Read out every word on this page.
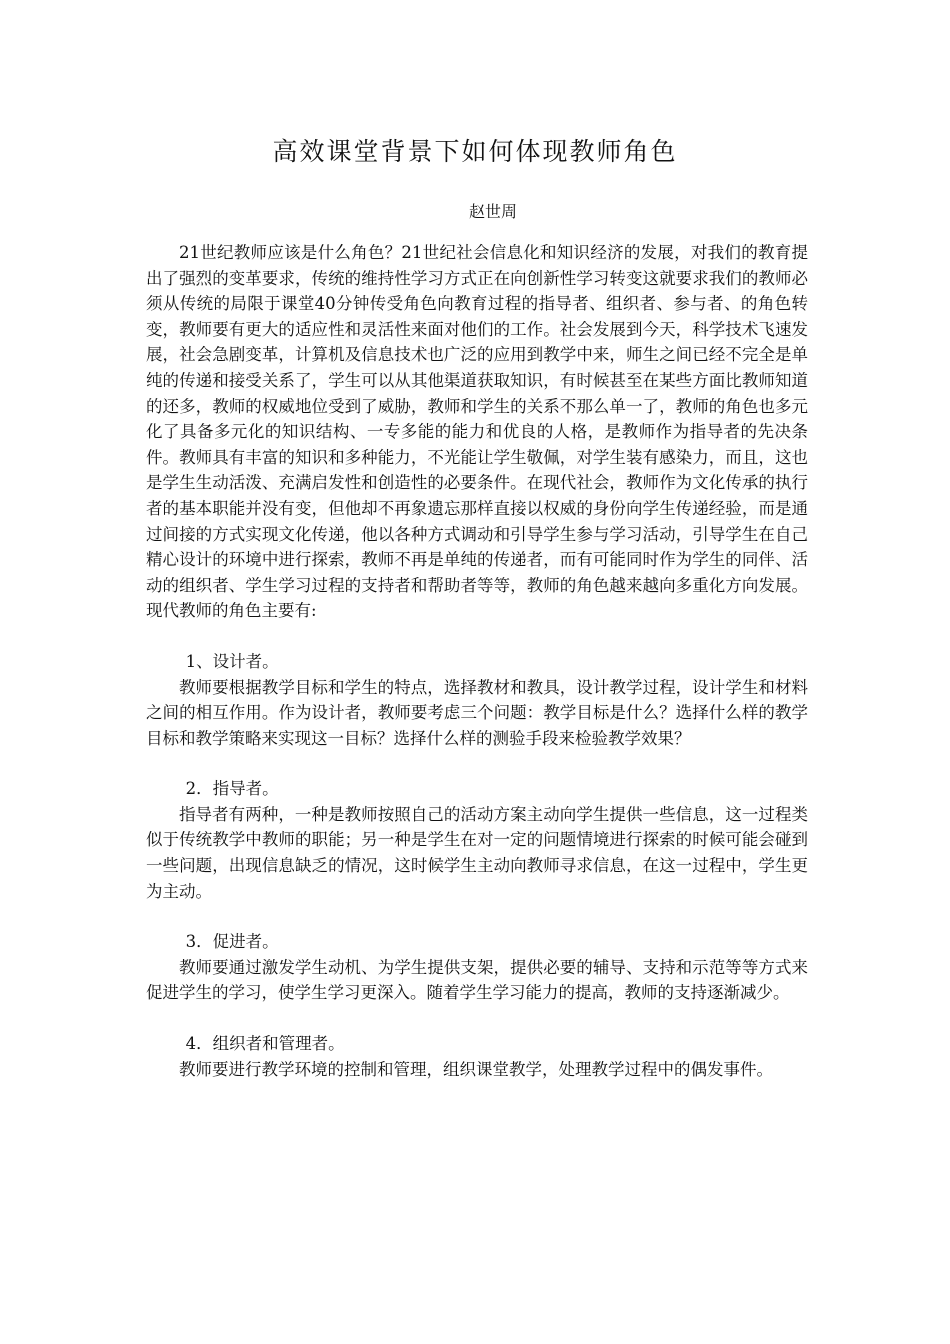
高效课堂背景下如何体现教师角色
赵世周

21世纪教师应该是什么角色？21世纪社会信息化和知识经济的发展，对我们的教育提出了强烈的变革要求，传统的维持性学习方式正在向创新性学习转变这就要求我们的教师必须从传统的局限于课堂40分钟传受角色向教育过程的指导者、组织者、参与者、的角色转变，教师要有更大的适应性和灵活性来面对他们的工作。社会发展到今天，科学技术飞速发展，社会急剧变革，计算机及信息技术也广泛的应用到教学中来，师生之间已经不完全是单纯的传递和接受关系了，学生可以从其他渠道获取知识，有时候甚至在某些方面比教师知道的还多，教师的权威地位受到了威胁，教师和学生的关系不那么单一了，教师的角色也多元化了具备多元化的知识结构、一专多能的能力和优良的人格，是教师作为指导者的先决条件。教师具有丰富的知识和多种能力，不光能让学生敬佩，对学生装有感染力，而且，这也是学生生动活泼、充满启发性和创造性的必要条件。在现代社会，教师作为文化传承的执行者的基本职能并没有变，但他却不再象遗忘那样直接以权威的身份向学生传递经验，而是通过间接的方式实现文化传递，他以各种方式调动和引导学生参与学习活动，引导学生在自己精心设计的环境中进行探索，教师不再是单纯的传递者，而有可能同时作为学生的同伴、活动的组织者、学生学习过程的支持者和帮助者等等，教师的角色越来越向多重化方向发展。现代教师的角色主要有:

1、设计者。

教师要根据教学目标和学生的特点，选择教材和教具，设计教学过程，设计学生和材料之间的相互作用。作为设计者，教师要考虑三个问题：教学目标是什么？选择什么样的教学目标和教学策略来实现这一目标？选择什么样的测验手段来检验教学效果？

2．指导者。

指导者有两种，一种是教师按照自己的活动方案主动向学生提供一些信息，这一过程类似于传统教学中教师的职能；另一种是学生在对一定的问题情境进行探索的时候可能会碰到一些问题，出现信息缺乏的情况，这时候学生主动向教师寻求信息，在这一过程中，学生更为主动。

3．促进者。

教师要通过激发学生动机、为学生提供支架，提供必要的辅导、支持和示范等等方式来促进学生的学习，使学生学习更深入。随着学生学习能力的提高，教师的支持逐渐减少。

4．组织者和管理者。

教师要进行教学环境的控制和管理，组织课堂教学，处理教学过程中的偶发事件。
